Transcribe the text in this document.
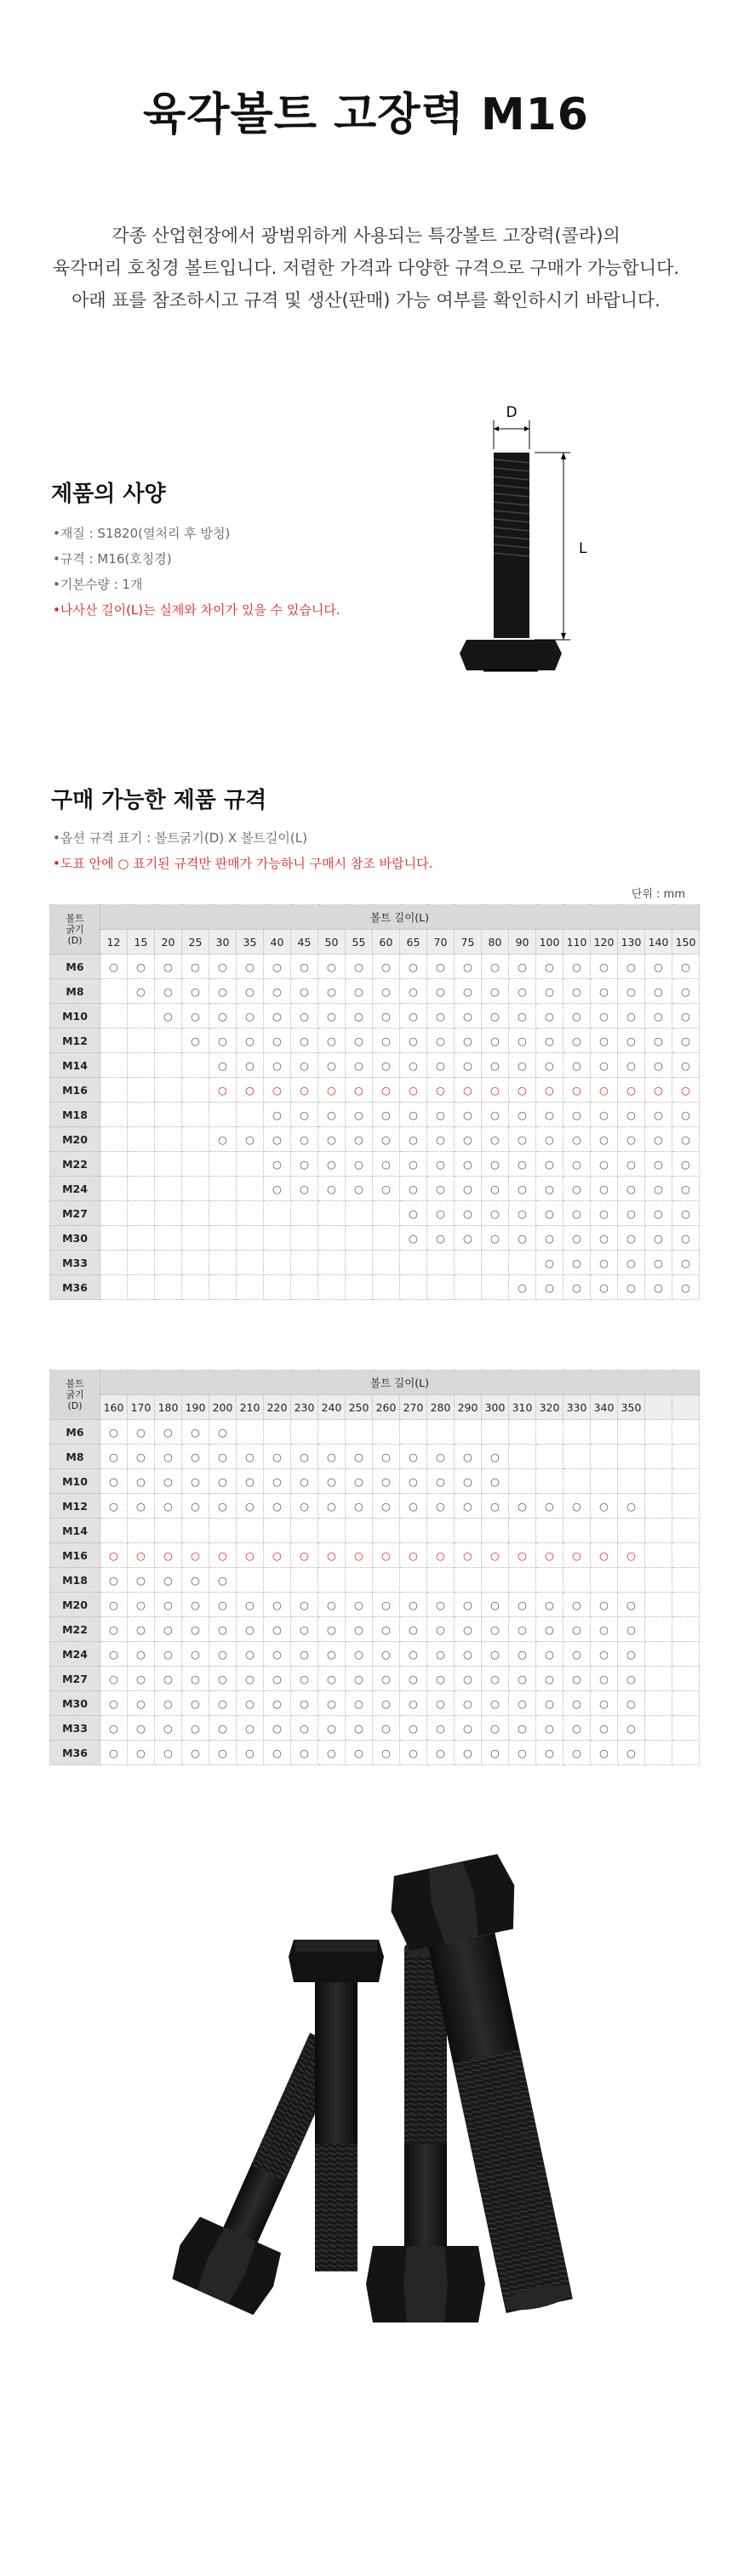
육각볼트 고장력 M16
각종 산업현장에서 광범위하게 사용되는 특강볼트 고장력(콜라)의
육각머리 호칭경 볼트입니다. 저렴한 가격과 다양한 규격으로 구매가 가능합니다.
아래 표를 참조하시고 규격 및 생산(판매) 가능 여부를 확인하시기 바랍니다.
제품의 사양
•재질 : S1820(열처리 후 방청)
•규격 : M16(호칭경)
•기본수량 : 1개
•나사산 길이(L)는 실제와 차이가 있을 수 있습니다.
D
L
구매 가능한 제품 규격
•옵션 규격 표기 : 볼트굵기(D) X 볼트길이(L)
•도표 안에 ○ 표기된 규격만 판매가 가능하니 구매시 참조 바랍니다.
단위 : mm
볼트
굵기
(D)	볼트 길이(L)																					
	12	15	20	25	30	35	40	45	50	55	60	65	70	75	80	90	100	110	120	130	140	150
M6	○	○	○	○	○	○	○	○	○	○	○	○	○	○	○	○	○	○	○	○	○	○
M8		○	○	○	○	○	○	○	○	○	○	○	○	○	○	○	○	○	○	○	○	○
M10			○	○	○	○	○	○	○	○	○	○	○	○	○	○	○	○	○	○	○	○
M12				○	○	○	○	○	○	○	○	○	○	○	○	○	○	○	○	○	○	○
M14					○	○	○	○	○	○	○	○	○	○	○	○	○	○	○	○	○	○
M16					○	○	○	○	○	○	○	○	○	○	○	○	○	○	○	○	○	○
M18							○	○	○	○	○	○	○	○	○	○	○	○	○	○	○	○
M20					○	○	○	○	○	○	○	○	○	○	○	○	○	○	○	○	○	○
M22							○	○	○	○	○	○	○	○	○	○	○	○	○	○	○	○
M24							○	○	○	○	○	○	○	○	○	○	○	○	○	○	○	○
M27												○	○	○	○	○	○	○	○	○	○	○
M30												○	○	○	○	○	○	○	○	○	○	○
M33																	○	○	○	○	○	○
M36																○	○	○	○	○	○	○
볼트
굵기
(D)	볼트 길이(L)																					
	160	170	180	190	200	210	220	230	240	250	260	270	280	290	300	310	320	330	340	350		
M6	○	○	○	○	○																	
M8	○	○	○	○	○	○	○	○	○	○	○	○	○	○	○							
M10	○	○	○	○	○	○	○	○	○	○	○	○	○	○	○							
M12	○	○	○	○	○	○	○	○	○	○	○	○	○	○	○	○	○	○	○	○		
M14																						
M16	○	○	○	○	○	○	○	○	○	○	○	○	○	○	○	○	○	○	○	○		
M18	○	○	○	○	○																	
M20	○	○	○	○	○	○	○	○	○	○	○	○	○	○	○	○	○	○	○	○		
M22	○	○	○	○	○	○	○	○	○	○	○	○	○	○	○	○	○	○	○	○		
M24	○	○	○	○	○	○	○	○	○	○	○	○	○	○	○	○	○	○	○	○		
M27	○	○	○	○	○	○	○	○	○	○	○	○	○	○	○	○	○	○	○	○		
M30	○	○	○	○	○	○	○	○	○	○	○	○	○	○	○	○	○	○	○	○		
M33	○	○	○	○	○	○	○	○	○	○	○	○	○	○	○	○	○	○	○	○		
M36	○	○	○	○	○	○	○	○	○	○	○	○	○	○	○	○	○	○	○	○		
